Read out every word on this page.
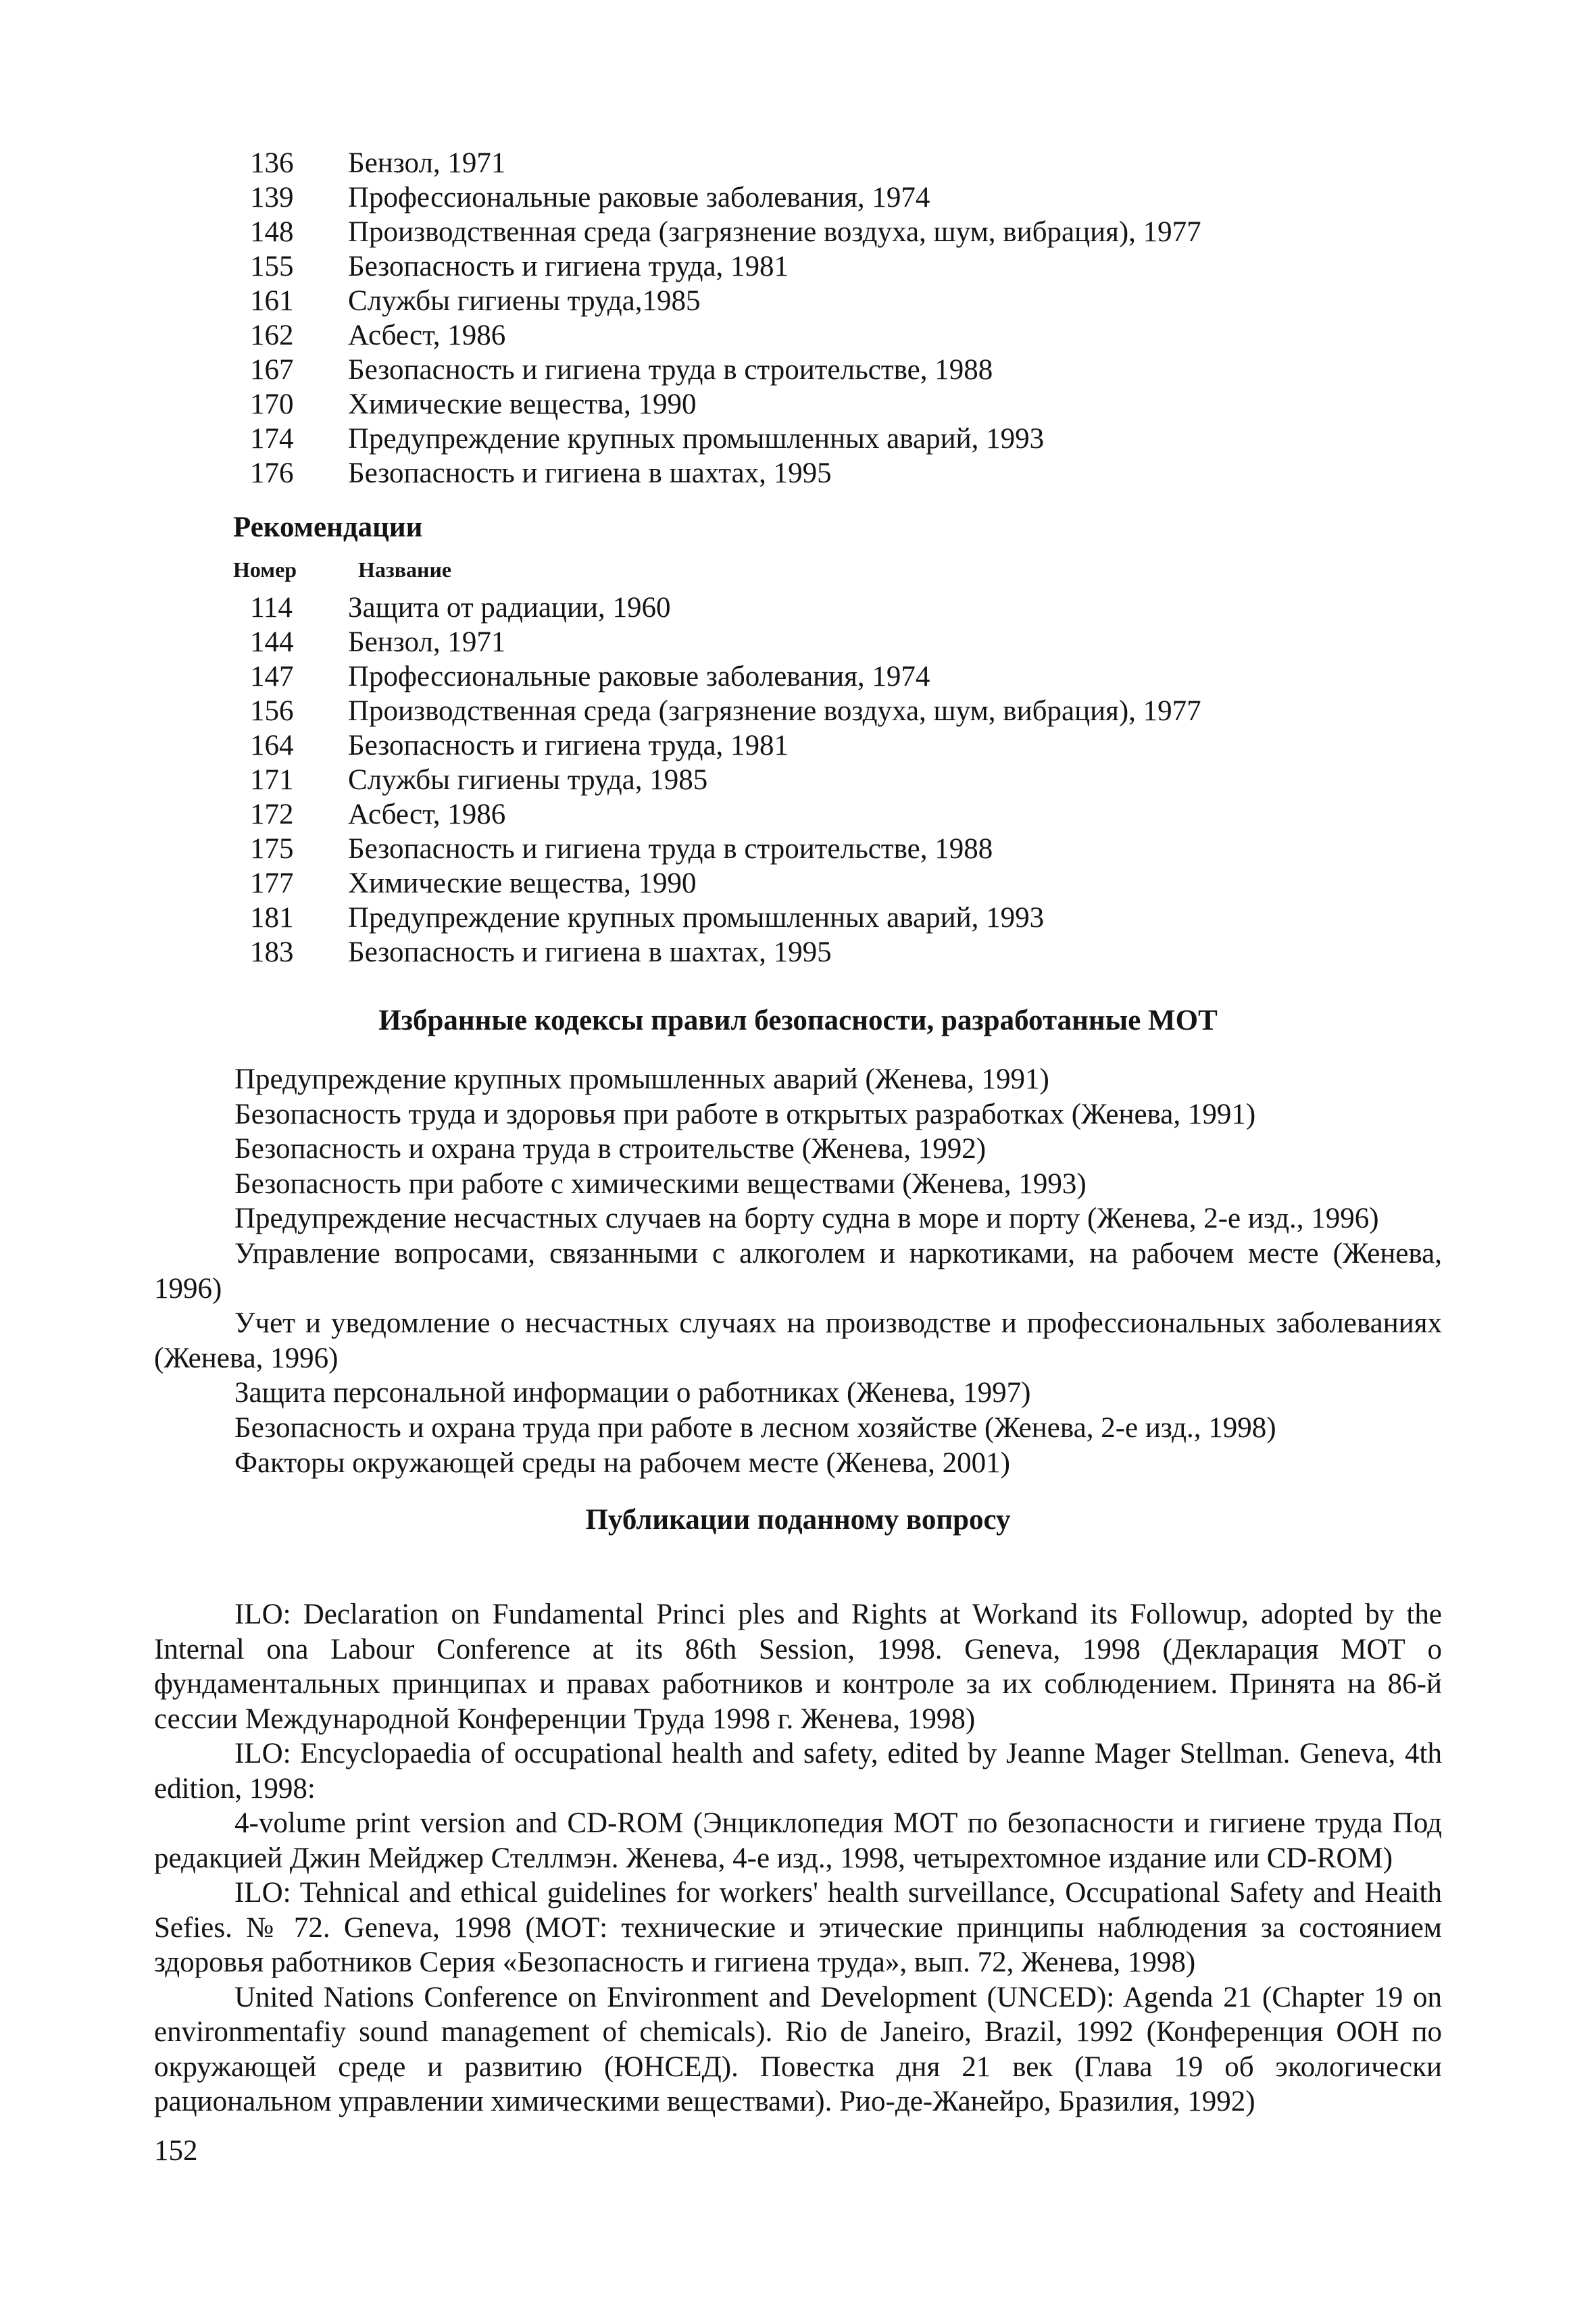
136	Бензол, 1971
139	Профессиональные раковые заболевания, 1974
148	Производственная среда (загрязнение воздуха, шум, вибрация), 1977
155	Безопасность и гигиена труда, 1981
161	Службы гигиены труда,1985
162	Асбест, 1986
167	Безопасность и гигиена труда в строительстве, 1988
170	Химические вещества, 1990
174	Предупреждение крупных промышленных аварий, 1993
176	Безопасность и гигиена в шахтах, 1995
Рекомендации
Номер	Название
114	Защита от радиации, 1960
144	Бензол, 1971
147	Профессиональные раковые заболевания, 1974
156	Производственная среда (загрязнение воздуха, шум, вибрация), 1977
164	Безопасность и гигиена труда, 1981
171	Службы гигиены труда, 1985
172	Асбест, 1986
175	Безопасность и гигиена труда в строительстве, 1988
177	Химические вещества, 1990
181	Предупреждение крупных промышленных аварий, 1993
183	Безопасность и гигиена в шахтах, 1995
Избранные кодексы правил безопасности, разработанные МОТ

Предупреждение крупных промышленных аварий (Женева, 1991)

Безопасность труда и здоровья при работе в открытых разработках (Женева, 1991)

Безопасность и охрана труда в строительстве (Женева, 1992)

Безопасность при работе с химическими веществами (Женева, 1993)

Предупреждение несчастных случаев на борту судна в море и порту (Женева, 2-е изд., 1996)

Управление вопросами, связанными с алкоголем и наркотиками, на рабочем месте (Женева, 1996)

Учет и уведомление о несчастных случаях на производстве и профессиональных заболеваниях (Женева, 1996)

Защита персональной информации о работниках (Женева, 1997)

Безопасность и охрана труда при работе в лесном хозяйстве (Женева, 2-е изд., 1998)

Факторы окружающей среды на рабочем месте (Женева, 2001)

Публикации поданному вопросу

ILO: Declaration on Fundamental Princi ples and Rights at Workand its Followup, adopted by the Internal ona Labour Conference at its 86th Session, 1998. Geneva, 1998 (Декларация МОТ о фундаментальных принципах и правах работников и контроле за их соблюдением. Принята на 86-й сессии Международной Конференции Труда 1998 г. Женева, 1998)

ILO: Encyclopaedia of occupational health and safety, edited by Jeanne Mager Stellman. Geneva, 4th edition, 1998:

4-volume print version and CD-ROM (Энциклопедия МОТ по безопасности и гигиене труда Под редакцией Джин Мейджер Стеллмэн. Женева, 4-е изд., 1998, четырехтомное издание или CD-ROM)

ILO: Tehnical and ethical guidelines for workers' health surveillance, Occupational Safety and Heaith Sefies. № 72. Geneva, 1998 (МОТ: технические и этические принципы наблюдения за состоянием здоровья работников Серия «Безопасность и гигиена труда», вып. 72, Женева, 1998)

United Nations Conference on Environment and Development (UNCED): Agenda 21 (Chapter 19 on environmentafiy sound management of chemicals). Rio de Janeiro, Brazil, 1992 (Конференция ООН по окружающей среде и развитию (ЮНСЕД). Повестка дня 21 век (Глава 19 об экологически рациональном управлении химическими веществами). Рио-де-Жанейро, Бразилия, 1992)

152
